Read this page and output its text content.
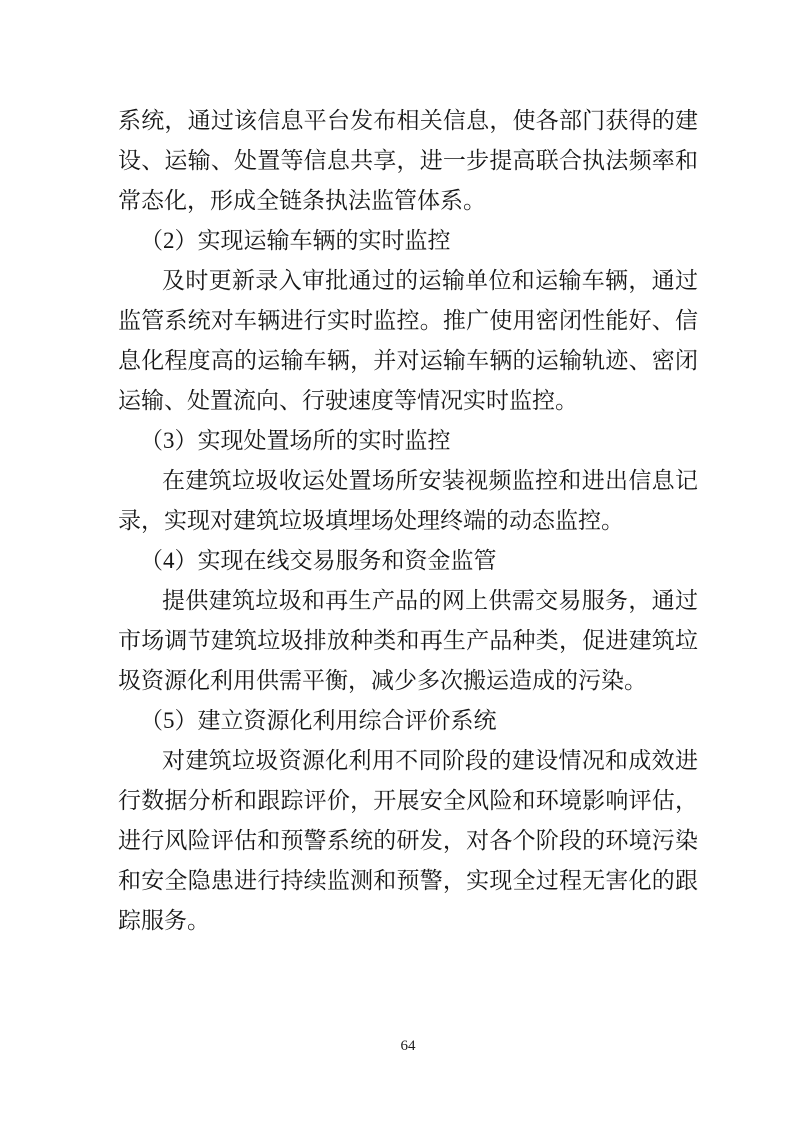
系统，通过该信息平台发布相关信息，使各部门获得的建
设、运输、处置等信息共享，进一步提高联合执法频率和
常态化，形成全链条执法监管体系。
（2）实现运输车辆的实时监控
及时更新录入审批通过的运输单位和运输车辆，通过
监管系统对车辆进行实时监控。推广使用密闭性能好、信
息化程度高的运输车辆，并对运输车辆的运输轨迹、密闭
运输、处置流向、行驶速度等情况实时监控。
（3）实现处置场所的实时监控
在建筑垃圾收运处置场所安装视频监控和进出信息记
录，实现对建筑垃圾填埋场处理终端的动态监控。
（4）实现在线交易服务和资金监管
提供建筑垃圾和再生产品的网上供需交易服务，通过
市场调节建筑垃圾排放种类和再生产品种类，促进建筑垃
圾资源化利用供需平衡，减少多次搬运造成的污染。
（5）建立资源化利用综合评价系统
对建筑垃圾资源化利用不同阶段的建设情况和成效进
行数据分析和跟踪评价，开展安全风险和环境影响评估，
进行风险评估和预警系统的研发，对各个阶段的环境污染
和安全隐患进行持续监测和预警，实现全过程无害化的跟
踪服务。
64
